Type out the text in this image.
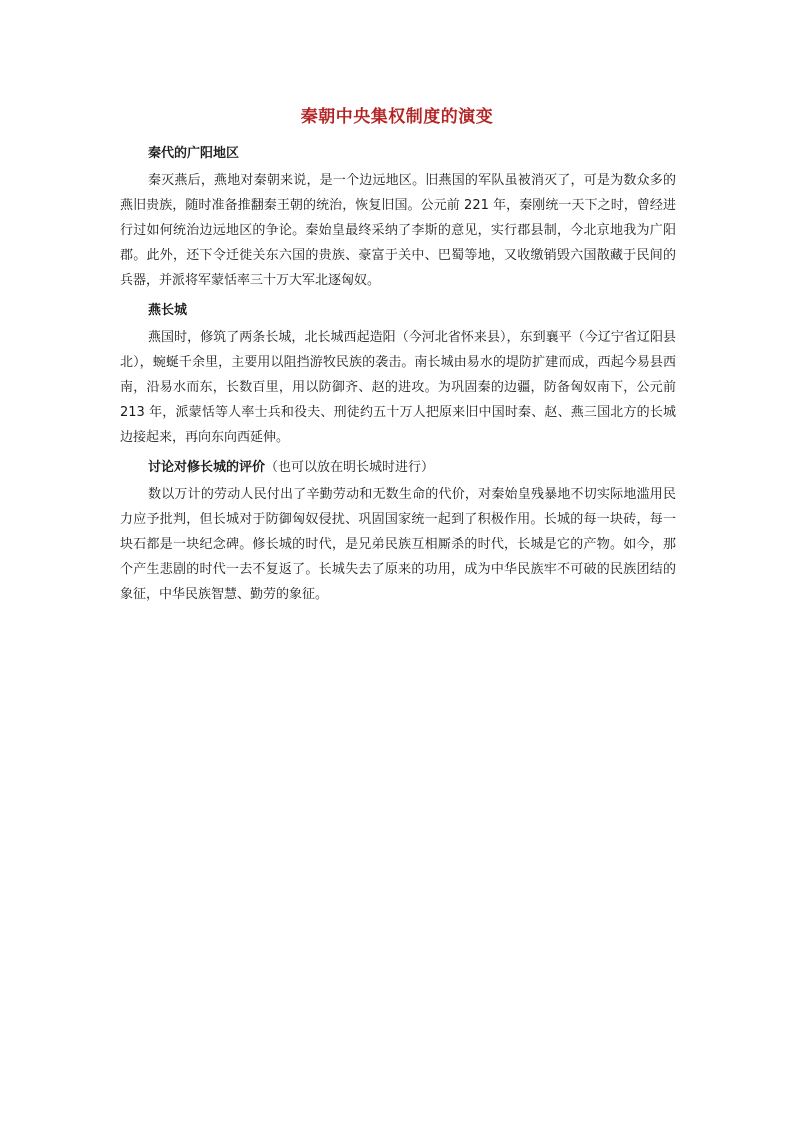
秦朝中央集权制度的演变

秦代的广阳地区

秦灭燕后，燕地对秦朝来说，是一个边远地区。旧燕国的军队虽被消灭了，可是为数众多的燕旧贵族，随时准备推翻秦王朝的统治，恢复旧国。公元前 221 年，秦刚统一天下之时，曾经进行过如何统治边远地区的争论。秦始皇最终采纳了李斯的意见，实行郡县制，今北京地我为广阳郡。此外，还下令迁徙关东六国的贵族、豪富于关中、巴蜀等地，又收缴销毁六国散藏于民间的兵器，并派将军蒙恬率三十万大军北逐匈奴。

燕长城

燕国时，修筑了两条长城，北长城西起造阳（今河北省怀来县），东到襄平（今辽宁省辽阳县北），蜿蜒千余里，主要用以阻挡游牧民族的袭击。南长城由易水的堤防扩建而成，西起今易县西南，沿易水而东，长数百里，用以防御齐、赵的进攻。为巩固秦的边疆，防备匈奴南下，公元前 213 年，派蒙恬等人率士兵和役夫、刑徒约五十万人把原来旧中国时秦、赵、燕三国北方的长城边接起来，再向东向西延伸。

讨论对修长城的评价（也可以放在明长城时进行）

数以万计的劳动人民付出了辛勤劳动和无数生命的代价，对秦始皇残暴地不切实际地滥用民力应予批判，但长城对于防御匈奴侵扰、巩固国家统一起到了积极作用。长城的每一块砖，每一块石都是一块纪念碑。修长城的时代，是兄弟民族互相厮杀的时代，长城是它的产物。如今，那个产生悲剧的时代一去不复返了。长城失去了原来的功用，成为中华民族牢不可破的民族团结的象征，中华民族智慧、勤劳的象征。
